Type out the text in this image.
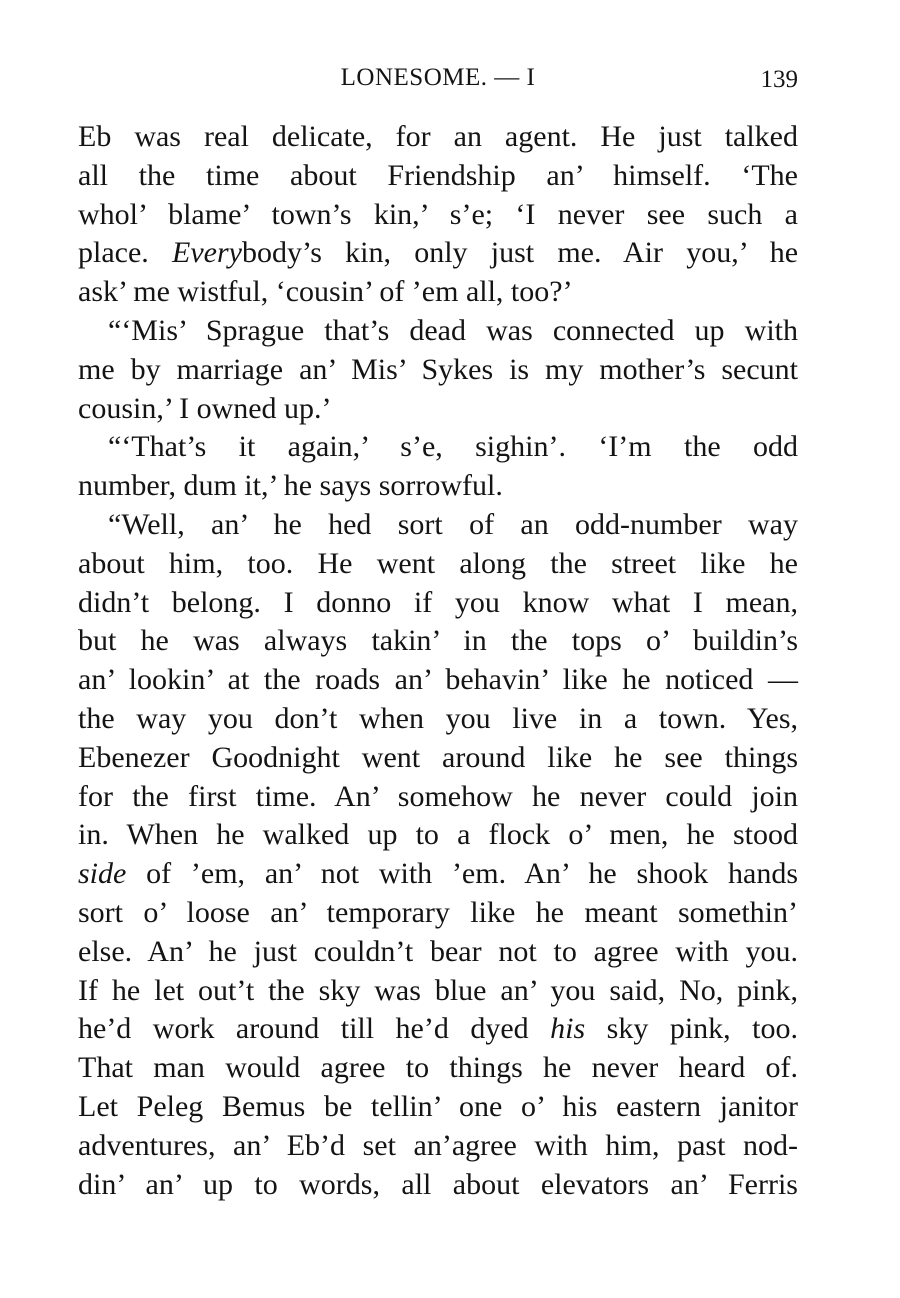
LONESOME. — I	139
Eb was real delicate, for an agent. He just talked
all the time about Friendship an’ himself. ‘The
whol’ blame’ town’s kin,’ s’e; ‘I never see such a
place. Everybody’s kin, only just me. Air you,’ he
ask’ me wistful, ‘cousin’ of ’em all, too?’
“‘Mis’ Sprague that’s dead was connected up with
me by marriage an’ Mis’ Sykes is my mother’s secunt
cousin,’ I owned up.’
“‘That’s it again,’ s’e, sighin’. ‘I’m the odd
number, dum it,’ he says sorrowful.
“Well, an’ he hed sort of an odd-number way
about him, too. He went along the street like he
didn’t belong. I donno if you know what I mean,
but he was always takin’ in the tops o’ buildin’s
an’ lookin’ at the roads an’ behavin’ like he noticed —
the way you don’t when you live in a town. Yes,
Ebenezer Goodnight went around like he see things
for the first time. An’ somehow he never could join
in. When he walked up to a flock o’ men, he stood
side of ’em, an’ not with ’em. An’ he shook hands
sort o’ loose an’ temporary like he meant somethin’
else. An’ he just couldn’t bear not to agree with you.
If he let out’t the sky was blue an’ you said, No, pink,
he’d work around till he’d dyed his sky pink, too.
That man would agree to things he never heard of.
Let Peleg Bemus be tellin’ one o’ his eastern janitor
adventures, an’ Eb’d set an’agree with him, past nod-
din’ an’ up to words, all about elevators an’ Ferris
